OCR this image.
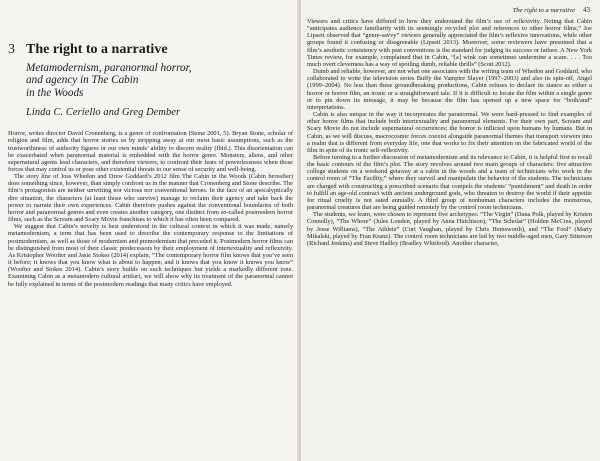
3 The right to a narrative
Metamodernism, paranormal horror,
and agency in The Cabin
in the Woods
Linda C. Ceriello and Greg Dember

Horror, writes director David Cronenberg, is a genre of confrontation (Stone 2001, 5). Bryan Stone, scholar of religion and film, adds that horror stories us by stripping away at our most basic assumptions, such as the trustworthiness of authority figures or our own minds’ ability to discern reality (Ibid.). This disorientation can be exacerbated when paranormal material is embedded with the horror genre. Monsters, aliens, and other supernatural agents lead characters, and therefore viewers, to confront their fears of powerlessness when those forces that may control us or pose other existential threats to our sense of security and well-being.

The story line of Joss Whedon and Drew Goddard’s 2012 film The Cabin in the Woods (Cabin hereafter) does something since, however, than simply confront us in the manner that Cronenberg and Stone describe. The film’s protagonists are neither unwitting nor vicious nor conventional heroes. In the face of an apocalyptically dire situation, the characters (at least those who survive) manage to reclaim their agency and take back the power to narrate their own experiences. Cabin therefore pushes against the conventional boundaries of both horror and paranormal genres and even creates another category, one distinct from so-called postmodern horror films, such as the Scream and Scary Movie franchises to which it has often been compared.

We suggest that Cabin’s novelty is best understood in the cultural context in which it was made, namely metamodernism, a term that has been used to describe the contemporary response to the limitations of postmodernism, as well as those of modernism and premodernism that preceded it. Postmodern horror films can be distinguished from most of their classic predecessors by their employment of intertextuality and reflexivity. As Kristopher Woofter and Jasie Stokes (2014) explain, “The contemporary horror film knows that you’ve seen it before; it knows that you know what is about to happen; and it knows that you know it knows you know” (Woofter and Stokes 2014). Cabin’s story builds on such techniques but yields a markedly different tone. Examining Cabin as a metamodern cultural artifact, we will show why its treatment of the paranormal cannot be fully explained in terms of the postmodern readings that many critics have employed.

The right to a narrative 43

Viewers and critics have differed in how they understand the film’s use of reflexivity. Noting that Cabin “anticipates audience familiarity with its seemingly recycled plot and references to other horror films,” Joe Lipsett observed that “genre-savvy” viewers generally appreciated the film’s reflexive innovations, while other groups found it confusing or disagreeable (Lipsett 2013). Moreover, some reviewers have presumed that a film’s aesthetic consistency with past conventions is the standard for judging its success or failure. A New York Times review, for example, complained that in Cabin, “[a] wink can sometimes undermine a scare. . . . Too much overt cleverness has a way of spoiling dumb, reliable thrills” (Scott 2012).

Dumb and reliable, however, are not what one associates with the writing team of Whedon and Goddard, who collaborated to write the television series Buffy the Vampire Slayer (1997–2003) and also its spin-off, Angel (1999–2004). No less than these groundbreaking productions, Cabin refuses to declare its stance as either a horror or horror film, an ironic or a straightforward tale. If it is difficult to locate the film within a single genre or to pin down its message, it may be because the film has opened up a new space for “both/and” interpretations.

Cabin is also unique in the way it incorporates the paranormal. We were hard-pressed to find examples of other horror films that include both intertextuality and paranormal elements. For their own part, Scream and Scary Movie do not include supernatural occurrences; the horror is inflicted upon humans by humans. But in Cabin, as we will discuss, macrocosmic forces coexist alongside paranormal themes that transport viewers into a realm that is different from everyday life, one that works to fix their attention on the fabricated world of the film in spite of its ironic self-reflexivity.

Before turning to a further discussion of metamodernism and its relevance to Cabin, it is helpful first to recall the basic contours of the film’s plot. The story revolves around two main groups of characters: five attractive college students on a weekend getaway at a cabin in the woods and a team of technicians who work in the control room of “The Facility,” where they surveil and manipulate the behavior of the students. The technicians are charged with constructing a prescribed scenario that compels the students’ “punishment” and death in order to fulfill an age-old contract with ancient underground gods, who threaten to destroy the world if their appetite for ritual cruelty is not sated annually. A third group of nonhuman characters includes the monstrous, paranormal creatures that are being guided remotely by the control room technicians.

The students, we learn, were chosen to represent five archetypes: “The Virgin” (Dana Polk, played by Kristen Connolly), “The Whore” (Jules Louden, played by Anna Hutchison), “The Scholar” (Holden McCrea, played by Jesse Williams), “The Athlete” (Curt Vaughan, played by Chris Hemsworth), and “The Fool” (Marty Mikalski, played by Fran Kranz). The control room technicians are led by two middle-aged men, Gary Sitterson (Richard Jenkins) and Steve Hadley (Bradley Whitford). Another character,
